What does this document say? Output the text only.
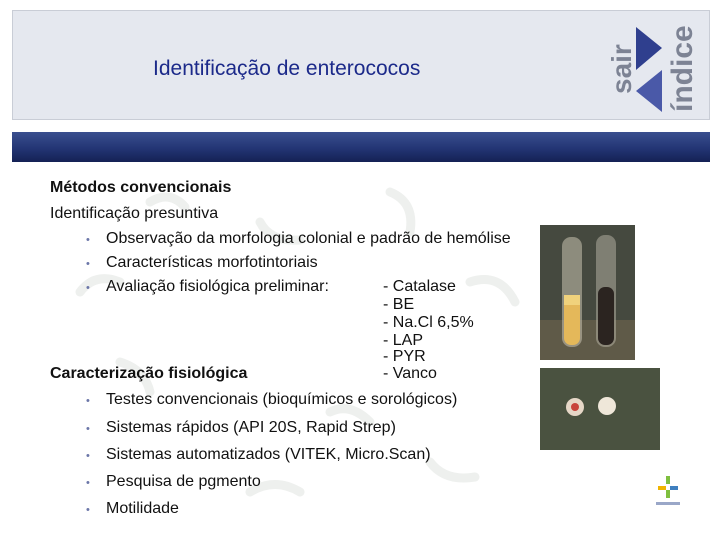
Identificação de enterococos	sair índice
Métodos convencionais
Identificação presuntiva
• Observação da morfologia colonial e padrão de hemólise
• Características morfotintoriais
• Avaliação fisiológica preliminar:	- Catalase
- BE
- Na.Cl 6,5%
- LAP
- PYR
- Vanco
Caracterização fisiológica
• Testes convencionais (bioquímicos e sorológicos)
• Sistemas rápidos (API 20S, Rapid Strep)
• Sistemas automatizados (VITEK, Micro.Scan)
• Pesquisa de pgmento
• Motilidade
